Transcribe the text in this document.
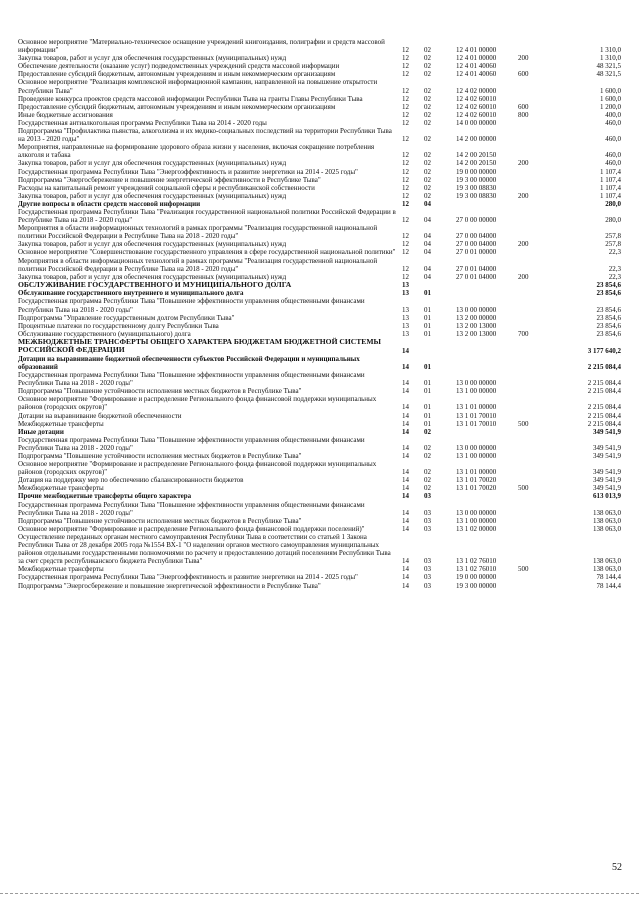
Основное мероприятие "Материально-техническое оснащение учреждений книгоиздания, полиграфии и средств массовой информации"	12	02	12 4 01 00000	1 310,0
Закупка товаров, работ и услуг для обеспечения государственных (муниципальных) нужд	12	02	12 4 01 00000	200	1 310,0
Обеспечение деятельности (оказание услуг) подведомственных учреждений средств массовой информации	12	02	12 4 01 40060	48 321,5
Предоставление субсидий бюджетным, автономным учреждениям и иным некоммерческим организациям	12	02	12 4 01 40060	600	48 321,5
Основное мероприятие "Реализация комплексной информационной кампании, направленной на повышение открытости Республики Тыва"	12	02	12 4 02 00000	1 600,0
Проведение конкурса проектов средств массовой информации Республики Тыва на гранты Главы Республики Тыва	12	02	12 4 02 60010	1 600,0
Предоставление субсидий бюджетным, автономным учреждениям и иным некоммерческим организациям	12	02	12 4 02 60010	600	1 200,0
Иные бюджетные ассигнования	12	02	12 4 02 60010	800	400,0
Государственная антиалкогольная программа Республики Тыва на 2014 - 2020 годы	12	02	14 0 00 00000	460,0
Подпрограмма "Профилактика пьянства, алкоголизма и их медико-социальных последствий на территории Республики Тыва на 2013 - 2020 годы"	12	02	14 2 00 00000	460,0
Мероприятия, направленные на формирование здорового образа жизни у населения, включая сокращение потребления алкоголя и табака	12	02	14 2 00 20150	460,0
Закупка товаров, работ и услуг для обеспечения государственных (муниципальных) нужд	12	02	14 2 00 20150	200	460,0
Государственная программа Республики Тыва "Энергоэффективность и развитие энергетики на 2014 - 2025 годы"	12	02	19 0 00 00000	1 107,4
Подпрограмма "Энергосбережение и повышение энергетической эффективности в Республике Тыва"	12	02	19 3 00 00000	1 107,4
Расходы на капитальный ремонт учреждений социальной сферы и республиканской собственности	12	02	19 3 00 08830	1 107,4
Закупка товаров, работ и услуг для обеспечения государственных (муниципальных) нужд	12	02	19 3 00 08830	200	1 107,4
Другие вопросы в области средств массовой информации	12	04	280,0
Государственная программа Республики Тыва "Реализация государственной национальной политики Российской Федерации в Республике Тыва на 2018 - 2020 годы"	12	04	27 0 00 00000	280,0
Мероприятия в области информационных технологий в рамках программы "Реализация государственной национальной политики Российской Федерации в Республике Тыва на 2018 - 2020 годы"	12	04	27 0 00 04000	257,8
Закупка товаров, работ и услуг для обеспечения государственных (муниципальных) нужд	12	04	27 0 00 04000	200	257,8
Основное мероприятие "Совершенствование государственного управления в сфере государственной национальной политики" 12	04	27 0 01 00000	22,3
Мероприятия в области информационных технологий в рамках программы "Реализация государственной национальной политики Российской Федерации в Республике Тыва на 2018 - 2020 годы"	12	04	27 0 01 04000	22,3
Закупка товаров, работ и услуг для обеспечения государственных (муниципальных) нужд	12	04	27 0 01 04000	200	22,3
ОБСЛУЖИВАНИЕ ГОСУДАРСТВЕННОГО И МУНИЦИПАЛЬНОГО ДОЛГА	13	23 854,6
Обслуживание государственного внутреннего и муниципального долга	13	01	23 854,6
Государственная программа Республики Тыва "Повышение эффективности управления общественными финансами Республики Тыва на 2018 - 2020 годы"	13	01	13 0 00 00000	23 854,6
Подпрограмма "Управление государственным долгом Республики Тыва"	13	01	13 2 00 00000	23 854,6
Процентные платежи по государственному долгу Республики Тыва	13	01	13 2 00 13000	23 854,6
Обслуживание государственного (муниципального) долга	13	01	13 2 00 13000	700	23 854,6
МЕЖБЮДЖЕТНЫЕ ТРАНСФЕРТЫ ОБЩЕГО ХАРАКТЕРА БЮДЖЕТАМ БЮДЖЕТНОЙ СИСТЕМЫ РОССИЙСКОЙ ФЕДЕРАЦИИ	14	3 177 640,2
Дотации на выравнивание бюджетной обеспеченности субъектов Российской Федерации и муниципальных образований	14	01	2 215 084,4
Государственная программа Республики Тыва "Повышение эффективности управления общественными финансами Республики Тыва на 2018 - 2020 годы"	14	01	13 0 00 00000	2 215 084,4
Подпрограмма "Повышение устойчивости исполнения местных бюджетов в Республике Тыва"	14	01	13 1 00 00000	2 215 084,4
Основное мероприятие "Формирование и распределение Регионального фонда финансовой поддержки муниципальных районов (городских округов)"	14	01	13 1 01 00000	2 215 084,4
Дотации на выравнивание бюджетной обеспеченности	14	01	13 1 01 70010	2 215 084,4
Межбюджетные трансферты	14	01	13 1 01 70010	500	2 215 084,4
Иные дотации	14	02	349 541,9
Государственная программа Республики Тыва "Повышение эффективности управления общественными финансами Республики Тыва на 2018 - 2020 годы"	14	02	13 0 00 00000	349 541,9
Подпрограмма "Повышение устойчивости исполнения местных бюджетов в Республике Тыва"	14	02	13 1 00 00000	349 541,9
Основное мероприятие "Формирование и распределение Регионального фонда финансовой поддержки муниципальных районов (городских округов)"	14	02	13 1 01 00000	349 541,9
Дотация на поддержку мер по обеспечению сбалансированности бюджетов	14	02	13 1 01 70020	349 541,9
Межбюджетные трансферты	14	02	13 1 01 70020	500	349 541,9
Прочие межбюджетные трансферты общего характера	14	03	613 013,9
Государственная программа Республики Тыва "Повышение эффективности управления общественными финансами Республики Тыва на 2018 - 2020 годы"	14	03	13 0 00 00000	138 063,0
Подпрограмма "Повышение устойчивости исполнения местных бюджетов в Республике Тыва"	14	03	13 1 00 00000	138 063,0
Основное мероприятие "Формирование и распределение Регионального фонда финансовой поддержки поселений)"	14	03	13 1 02 00000	138 063,0
Осуществление переданных органам местного самоуправления Республики Тыва в соответствии со статьей 1 Закона Республики Тыва от 28 декабря 2005 года №1554 ВХ-1 "О наделении органов местного самоуправления муниципальных районов отдельными государственными полномочиями по расчету и предоставлению дотаций поселениям Республики Тыва за счет средств республиканского бюджета Республики Тыва"	14	03	13 1 02 76010	138 063,0
Межбюджетные трансферты	14	03	13 1 02 76010	500	138 063,0
Государственная программа Республики Тыва "Энергоэффективность и развитие энергетики на 2014 - 2025 годы"	14	03	19 0 00 00000	78 144,4
Подпрограмма "Энергосбережение и повышение энергетической эффективности в Республике Тыва"	14	03	19 3 00 00000	78 144,4
52
